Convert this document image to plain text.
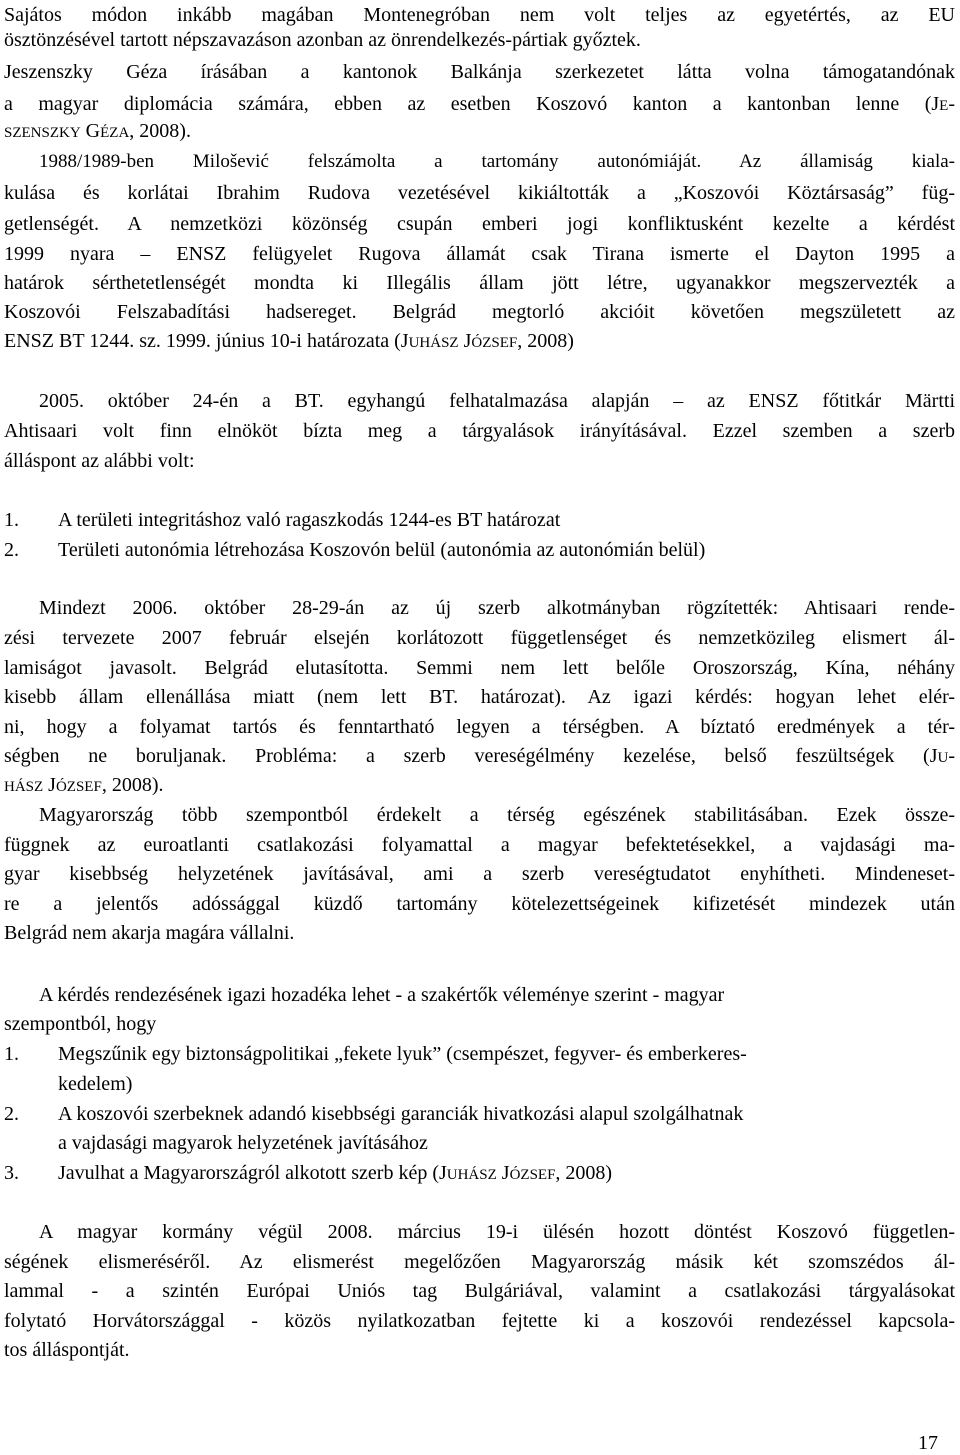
Sajátos módon inkább magában Montenegróban nem volt teljes az egyetértés, az EU
ösztönzésével tartott népszavazáson azonban az önrendelkezés-pártiak győztek.
Jeszenszky Géza írásában a kantonok Balkánja szerkezetet látta volna támogatandónak
a magyar diplomácia számára, ebben az esetben Koszovó kanton a kantonban lenne (JE-
SZENSZKY GÉZA, 2008).
1988/1989-ben Milošević felszámolta a tartomány autonómiáját. Az államiság kiala-
kulása és korlátai Ibrahim Rudova vezetésével kikiáltották a „Koszovói Köztársaság” füg-
getlenségét. A nemzetközi közönség csupán emberi jogi konfliktusként kezelte a kérdést
1999 nyara – ENSZ felügyelet Rugova államát csak Tirana ismerte el Dayton 1995 a
határok sérthetetlenségét mondta ki Illegális állam jött létre, ugyanakkor megszervezték a
Koszovói Felszabadítási hadsereget. Belgrád megtorló akcióit követően megszületett az
ENSZ BT 1244. sz. 1999. június 10-i határozata (JUHÁSZ JÓZSEF, 2008)
2005. október 24-én a BT. egyhangú felhatalmazása alapján – az ENSZ főtitkár Märtti
Ahtisaari volt finn elnököt bízta meg a tárgyalások irányításával. Ezzel szemben a szerb
álláspont az alábbi volt:
1. A területi integritáshoz való ragaszkodás 1244-es BT határozat
2. Területi autonómia létrehozása Koszovón belül (autonómia az autonómián belül)
Mindezt 2006. október 28-29-án az új szerb alkotmányban rögzítették: Ahtisaari rende-
zési tervezete 2007 február elsején korlátozott függetlenséget és nemzetközileg elismert ál-
lamiságot javasolt. Belgrád elutasította. Semmi nem lett belőle Oroszország, Kína, néhány
kisebb állam ellenállása miatt (nem lett BT. határozat). Az igazi kérdés: hogyan lehet elér-
ni, hogy a folyamat tartós és fenntartható legyen a térségben. A bíztató eredmények a tér-
ségben ne boruljanak. Probléma: a szerb vereségélmény kezelése, belső feszültségek (JU-
HÁSZ JÓZSEF, 2008).
Magyarország több szempontból érdekelt a térség egészének stabilitásában. Ezek össze-
függnek az euroatlanti csatlakozási folyamattal a magyar befektetésekkel, a vajdasági ma-
gyar kisebbség helyzetének javításával, ami a szerb vereségtudatot enyhítheti. Mindeneset-
re a jelentős adóssággal küzdő tartomány kötelezettségeinek kifizetését mindezek után
Belgrád nem akarja magára vállalni.
A kérdés rendezésének igazi hozadéka lehet - a szakértők véleménye szerint - magyar
szempontból, hogy
1. Megszűnik egy biztonságpolitikai „fekete lyuk” (csempészet, fegyver- és emberkeres-
kedelem)
2. A koszovói szerbeknek adandó kisebbségi garanciák hivatkozási alapul szolgálhatnak
a vajdasági magyarok helyzetének javításához
3. Javulhat a Magyarországról alkotott szerb kép (JUHÁSZ JÓZSEF, 2008)
A magyar kormány végül 2008. március 19-i ülésén hozott döntést Koszovó független-
ségének elismeréséről. Az elismerést megelőzően Magyarország másik két szomszédos ál-
lammal - a szintén Európai Uniós tag Bulgáriával, valamint a csatlakozási tárgyalásokat
folytató Horvátországgal - közös nyilatkozatban fejtette ki a koszovói rendezéssel kapcsola-
tos álláspontját.
17
